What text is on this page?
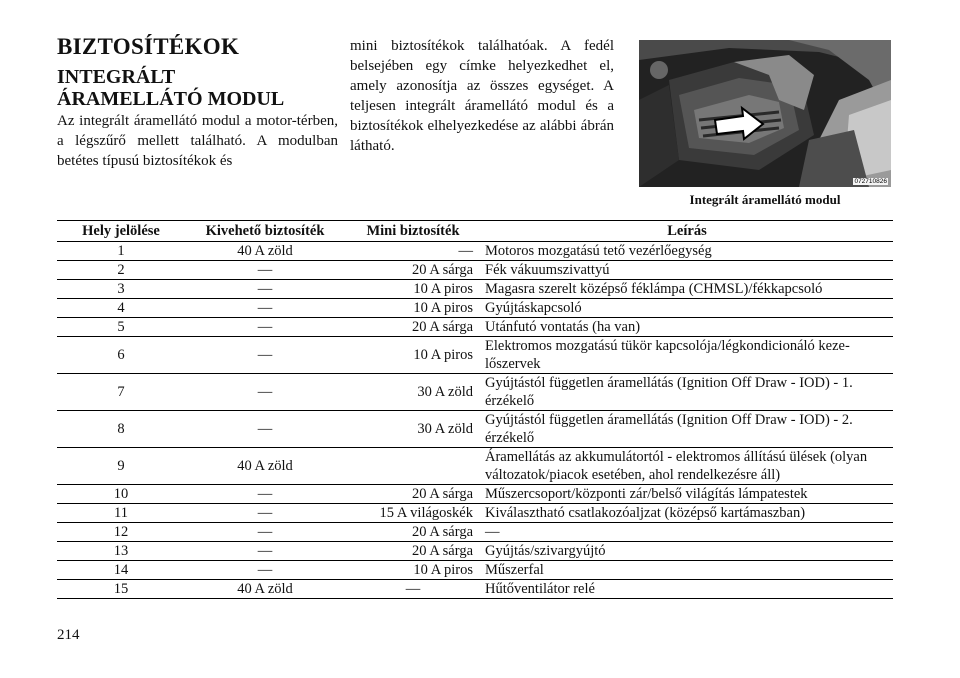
BIZTOSÍTÉKOK
INTEGRÁLT
ÁRAMELLÁTÓ MODUL

Az integrált áramellátó modul a motor-térben, a légszűrő mellett található. A modulban betétes típusú biztosítékok és

mini biztosítékok találhatóak. A fedél belsejében egy címke helyezkedhet el, amely azonosítja az összes egységet. A teljesen integrált áramellátó modul és a biztosítékok elhelyezkedése az alábbi ábrán látható.

072710826

Integrált áramellátó modul

Hely jelölése	Kivehető biztosíték	Mini biztosíték	Leírás
1	40 A zöld	—	Motoros mozgatású tető vezérlőegység
2	—	20 A sárga	Fék vákuumszivattyú
3	—	10 A piros	Magasra szerelt középső féklámpa (CHMSL)/fékkapcsoló
4	—	10 A piros	Gyújtáskapcsoló
5	—	20 A sárga	Utánfutó vontatás (ha van)
6	—	10 A piros	Elektromos mozgatású tükör kapcsolója/légkondicionáló keze-lőszervek
7	—	30 A zöld	Gyújtástól független áramellátás (Ignition Off Draw - IOD) - 1. érzékelő
8	—	30 A zöld	Gyújtástól független áramellátás (Ignition Off Draw - IOD) - 2. érzékelő
9	40 A zöld		Áramellátás az akkumulátortól - elektromos állítású ülések (olyan változatok/piacok esetében, ahol rendelkezésre áll)
10	—	20 A sárga	Műszercsoport/központi zár/belső világítás lámpatestek
11	—	15 A világoskék	Kiválasztható csatlakozóaljzat (középső kartámaszban)
12	—	20 A sárga	—
13	—	20 A sárga	Gyújtás/szivargyújtó
14	—	10 A piros	Műszerfal
15	40 A zöld	—	Hűtőventilátor relé

214
